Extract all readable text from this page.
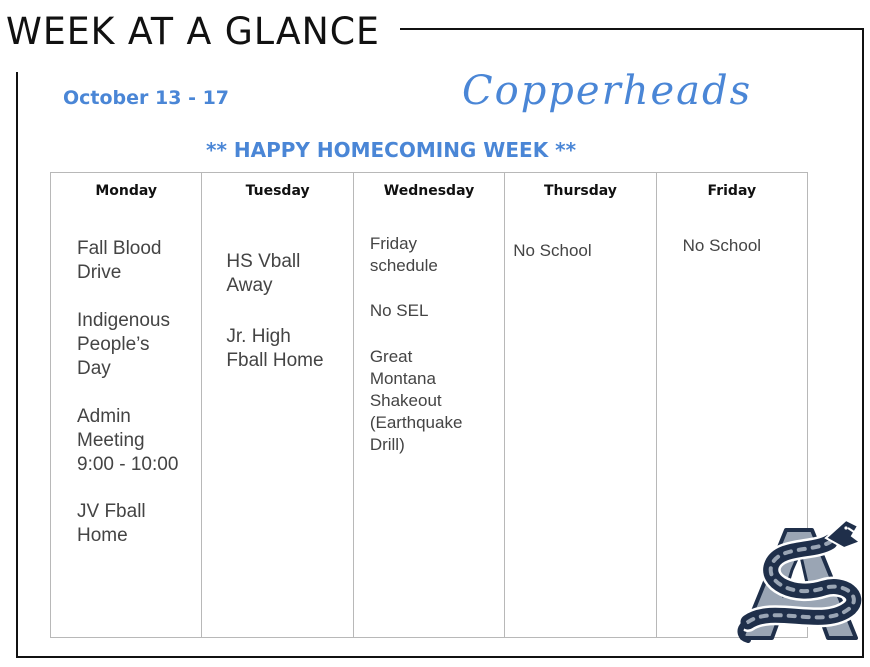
WEEK AT A GLANCE
October 13 - 17	Copperheads
** HAPPY HOMECOMING WEEK **
Monday
Fall Blood
Drive
Indigenous
People’s
Day
Admin
Meeting
9:00 - 10:00
JV Fball
Home
Tuesday
HS Vball
Away
Jr. High
Fball Home
Wednesday
Friday
schedule
No SEL
Great
Montana
Shakeout
(Earthquake
Drill)
Thursday
No School
Friday
No School
